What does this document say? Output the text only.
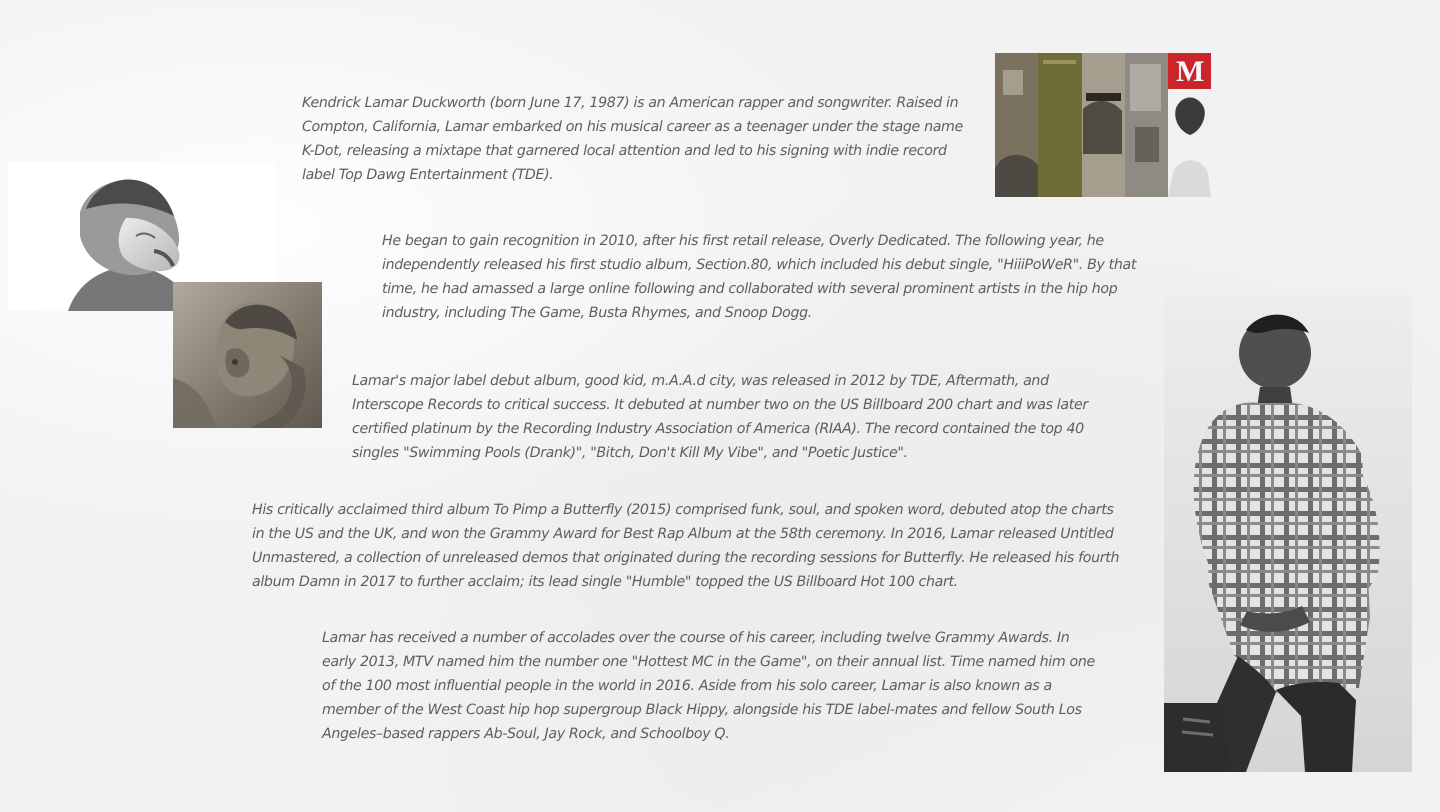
Kendrick Lamar Duckworth (born June 17, 1987) is an American rapper and songwriter. Raised in Compton, California, Lamar embarked on his musical career as a teenager under the stage name K-Dot, releasing a mixtape that garnered local attention and led to his signing with indie record label Top Dawg Entertainment (TDE).

He began to gain recognition in 2010, after his first retail release, Overly Dedicated. The following year, he independently released his first studio album, Section.80, which included his debut single, "HiiiPoWeR". By that time, he had amassed a large online following and collaborated with several prominent artists in the hip hop industry, including The Game, Busta Rhymes, and Snoop Dogg.

Lamar's major label debut album, good kid, m.A.A.d city, was released in 2012 by TDE, Aftermath, and Interscope Records to critical success. It debuted at number two on the US Billboard 200 chart and was later certified platinum by the Recording Industry Association of America (RIAA). The record contained the top 40 singles "Swimming Pools (Drank)", "Bitch, Don't Kill My Vibe", and "Poetic Justice".

His critically acclaimed third album To Pimp a Butterfly (2015) comprised funk, soul, and spoken word, debuted atop the charts in the US and the UK, and won the Grammy Award for Best Rap Album at the 58th ceremony. In 2016, Lamar released Untitled Unmastered, a collection of unreleased demos that originated during the recording sessions for Butterfly. He released his fourth album Damn in 2017 to further acclaim; its lead single "Humble" topped the US Billboard Hot 100 chart.

Lamar has received a number of accolades over the course of his career, including twelve Grammy Awards. In early 2013, MTV named him the number one "Hottest MC in the Game", on their annual list. Time named him one of the 100 most influential people in the world in 2016. Aside from his solo career, Lamar is also known as a member of the West Coast hip hop supergroup Black Hippy, alongside his TDE label-mates and fellow South Los Angeles–based rappers Ab-Soul, Jay Rock, and Schoolboy Q.

M
